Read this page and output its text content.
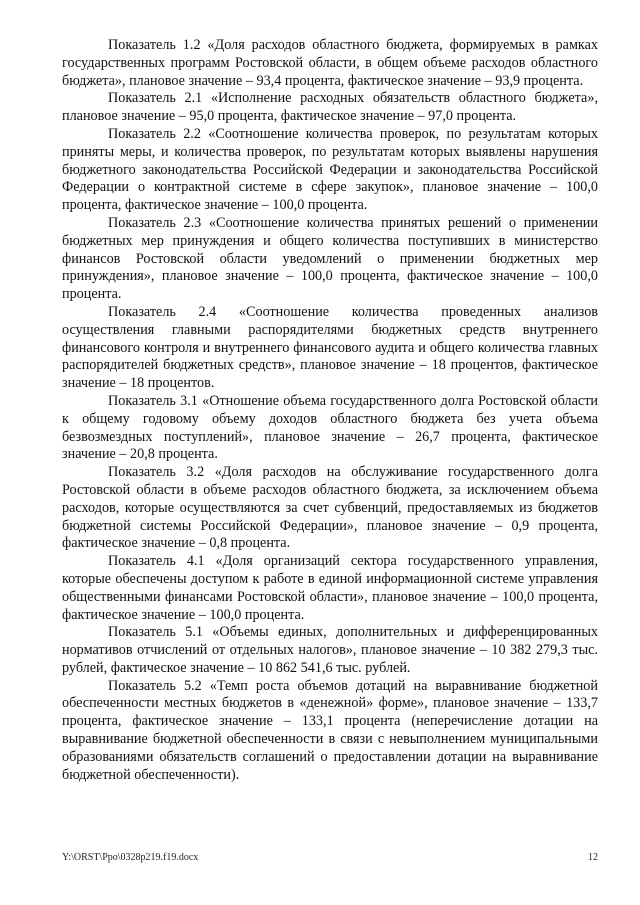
Показатель 1.2 «Доля расходов областного бюджета, формируемых в рамках государственных программ Ростовской области, в общем объеме расходов областного бюджета», плановое значение – 93,4 процента, фактическое значение – 93,9 процента.

Показатель 2.1 «Исполнение расходных обязательств областного бюджета», плановое значение – 95,0 процента, фактическое значение – 97,0 процента.

Показатель 2.2 «Соотношение количества проверок, по результатам которых приняты меры, и количества проверок, по результатам которых выявлены нарушения бюджетного законодательства Российской Федерации и законодательства Российской Федерации о контрактной системе в сфере закупок», плановое значение – 100,0 процента, фактическое значение – 100,0 процента.

Показатель 2.3 «Соотношение количества принятых решений о применении бюджетных мер принуждения и общего количества поступивших в министерство финансов Ростовской области уведомлений о применении бюджетных мер принуждения», плановое значение – 100,0 процента, фактическое значение – 100,0 процента.

Показатель 2.4 «Соотношение количества проведенных анализов осуществления главными распорядителями бюджетных средств внутреннего финансового контроля и внутреннего финансового аудита и общего количества главных распорядителей бюджетных средств», плановое значение – 18 процентов, фактическое значение – 18 процентов.

Показатель 3.1 «Отношение объема государственного долга Ростовской области к общему годовому объему доходов областного бюджета без учета объема безвозмездных поступлений», плановое значение – 26,7 процента, фактическое значение – 20,8 процента.

Показатель 3.2 «Доля расходов на обслуживание государственного долга Ростовской области в объеме расходов областного бюджета, за исключением объема расходов, которые осуществляются за счет субвенций, предоставляемых из бюджетов бюджетной системы Российской Федерации», плановое значение – 0,9 процента, фактическое значение – 0,8 процента.

Показатель 4.1 «Доля организаций сектора государственного управления, которые обеспечены доступом к работе в единой информационной системе управления общественными финансами Ростовской области», плановое значение – 100,0 процента, фактическое значение – 100,0 процента.

Показатель 5.1 «Объемы единых, дополнительных и дифференцированных нормативов отчислений от отдельных налогов», плановое значение – 10 382 279,3 тыс. рублей, фактическое значение – 10 862 541,6 тыс. рублей.

Показатель 5.2 «Темп роста объемов дотаций на выравнивание бюджетной обеспеченности местных бюджетов в «денежной» форме», плановое значение – 133,7 процента, фактическое значение – 133,1 процента (неперечисление дотации на выравнивание бюджетной обеспеченности в связи с невыполнением муниципальными образованиями обязательств соглашений о предоставлении дотации на выравнивание бюджетной обеспеченности).

Y:\ORST\Ppo\0328p219.f19.docx	12
